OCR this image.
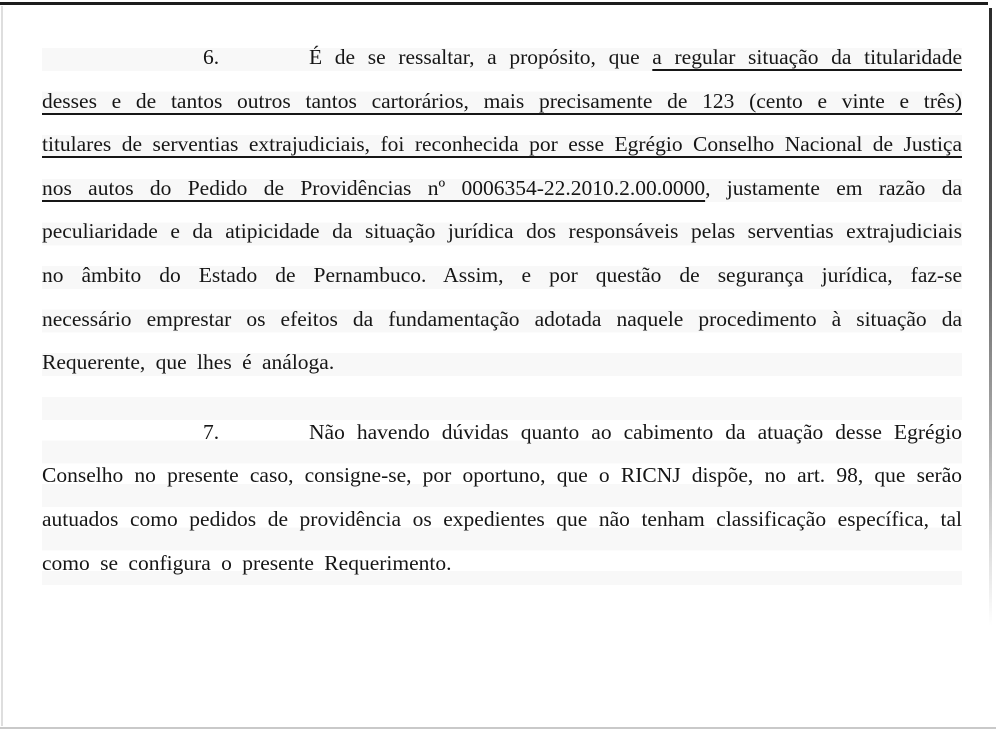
6.	É de se ressaltar, a propósito, que a regular situação da titularidade desses e de tantos outros tantos cartorários, mais precisamente de 123 (cento e vinte e três) titulares de serventias extrajudiciais, foi reconhecida por esse Egrégio Conselho Nacional de Justiça nos autos do Pedido de Providências nº 0006354-22.2010.2.00.0000, justamente em razão da peculiaridade e da atipicidade da situação jurídica dos responsáveis pelas serventias extrajudiciais no âmbito do Estado de Pernambuco. Assim, e por questão de segurança jurídica, faz-se necessário emprestar os efeitos da fundamentação adotada naquele procedimento à situação da Requerente, que lhes é análoga.

7.	Não havendo dúvidas quanto ao cabimento da atuação desse Egrégio Conselho no presente caso, consigne-se, por oportuno, que o RICNJ dispõe, no art. 98, que serão autuados como pedidos de providência os expedientes que não tenham classificação específica, tal como se configura o presente Requerimento.
